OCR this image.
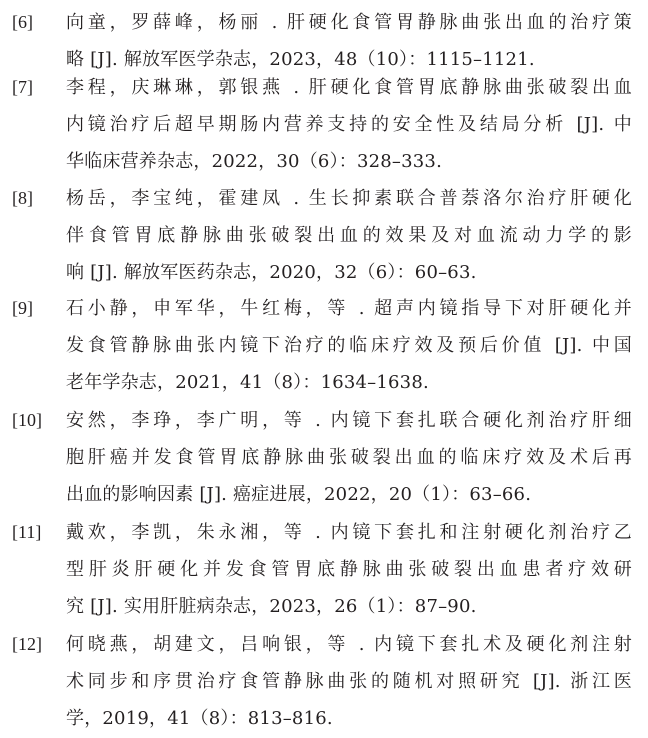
[6] 向童，罗薛峰，杨丽 . 肝硬化食管胃静脉曲张出血的治疗策
略 [J]. 解放军医学杂志，2023，48（10）：1115–1121.
[7] 李程，庆琳琳，郭银燕 . 肝硬化食管胃底静脉曲张破裂出血
内镜治疗后超早期肠内营养支持的安全性及结局分析 [J]. 中
华临床营养杂志，2022，30（6）：328–333.
[8] 杨岳，李宝纯，霍建凤 . 生长抑素联合普萘洛尔治疗肝硬化
伴食管胃底静脉曲张破裂出血的效果及对血流动力学的影
响 [J]. 解放军医药杂志，2020，32（6）：60–63.
[9] 石小静，申军华，牛红梅，等 . 超声内镜指导下对肝硬化并
发食管静脉曲张内镜下治疗的临床疗效及预后价值 [J]. 中国
老年学杂志，2021，41（8）：1634–1638.
[10] 安然，李琤，李广明，等 . 内镜下套扎联合硬化剂治疗肝细
胞肝癌并发食管胃底静脉曲张破裂出血的临床疗效及术后再
出血的影响因素 [J]. 癌症进展，2022，20（1）：63–66.
[11] 戴欢，李凯，朱永湘，等 . 内镜下套扎和注射硬化剂治疗乙
型肝炎肝硬化并发食管胃底静脉曲张破裂出血患者疗效研
究 [J]. 实用肝脏病杂志，2023，26（1）：87–90.
[12] 何晓燕，胡建文，吕响银，等 . 内镜下套扎术及硬化剂注射
术同步和序贯治疗食管静脉曲张的随机对照研究 [J]. 浙江医
学，2019，41（8）：813–816.
